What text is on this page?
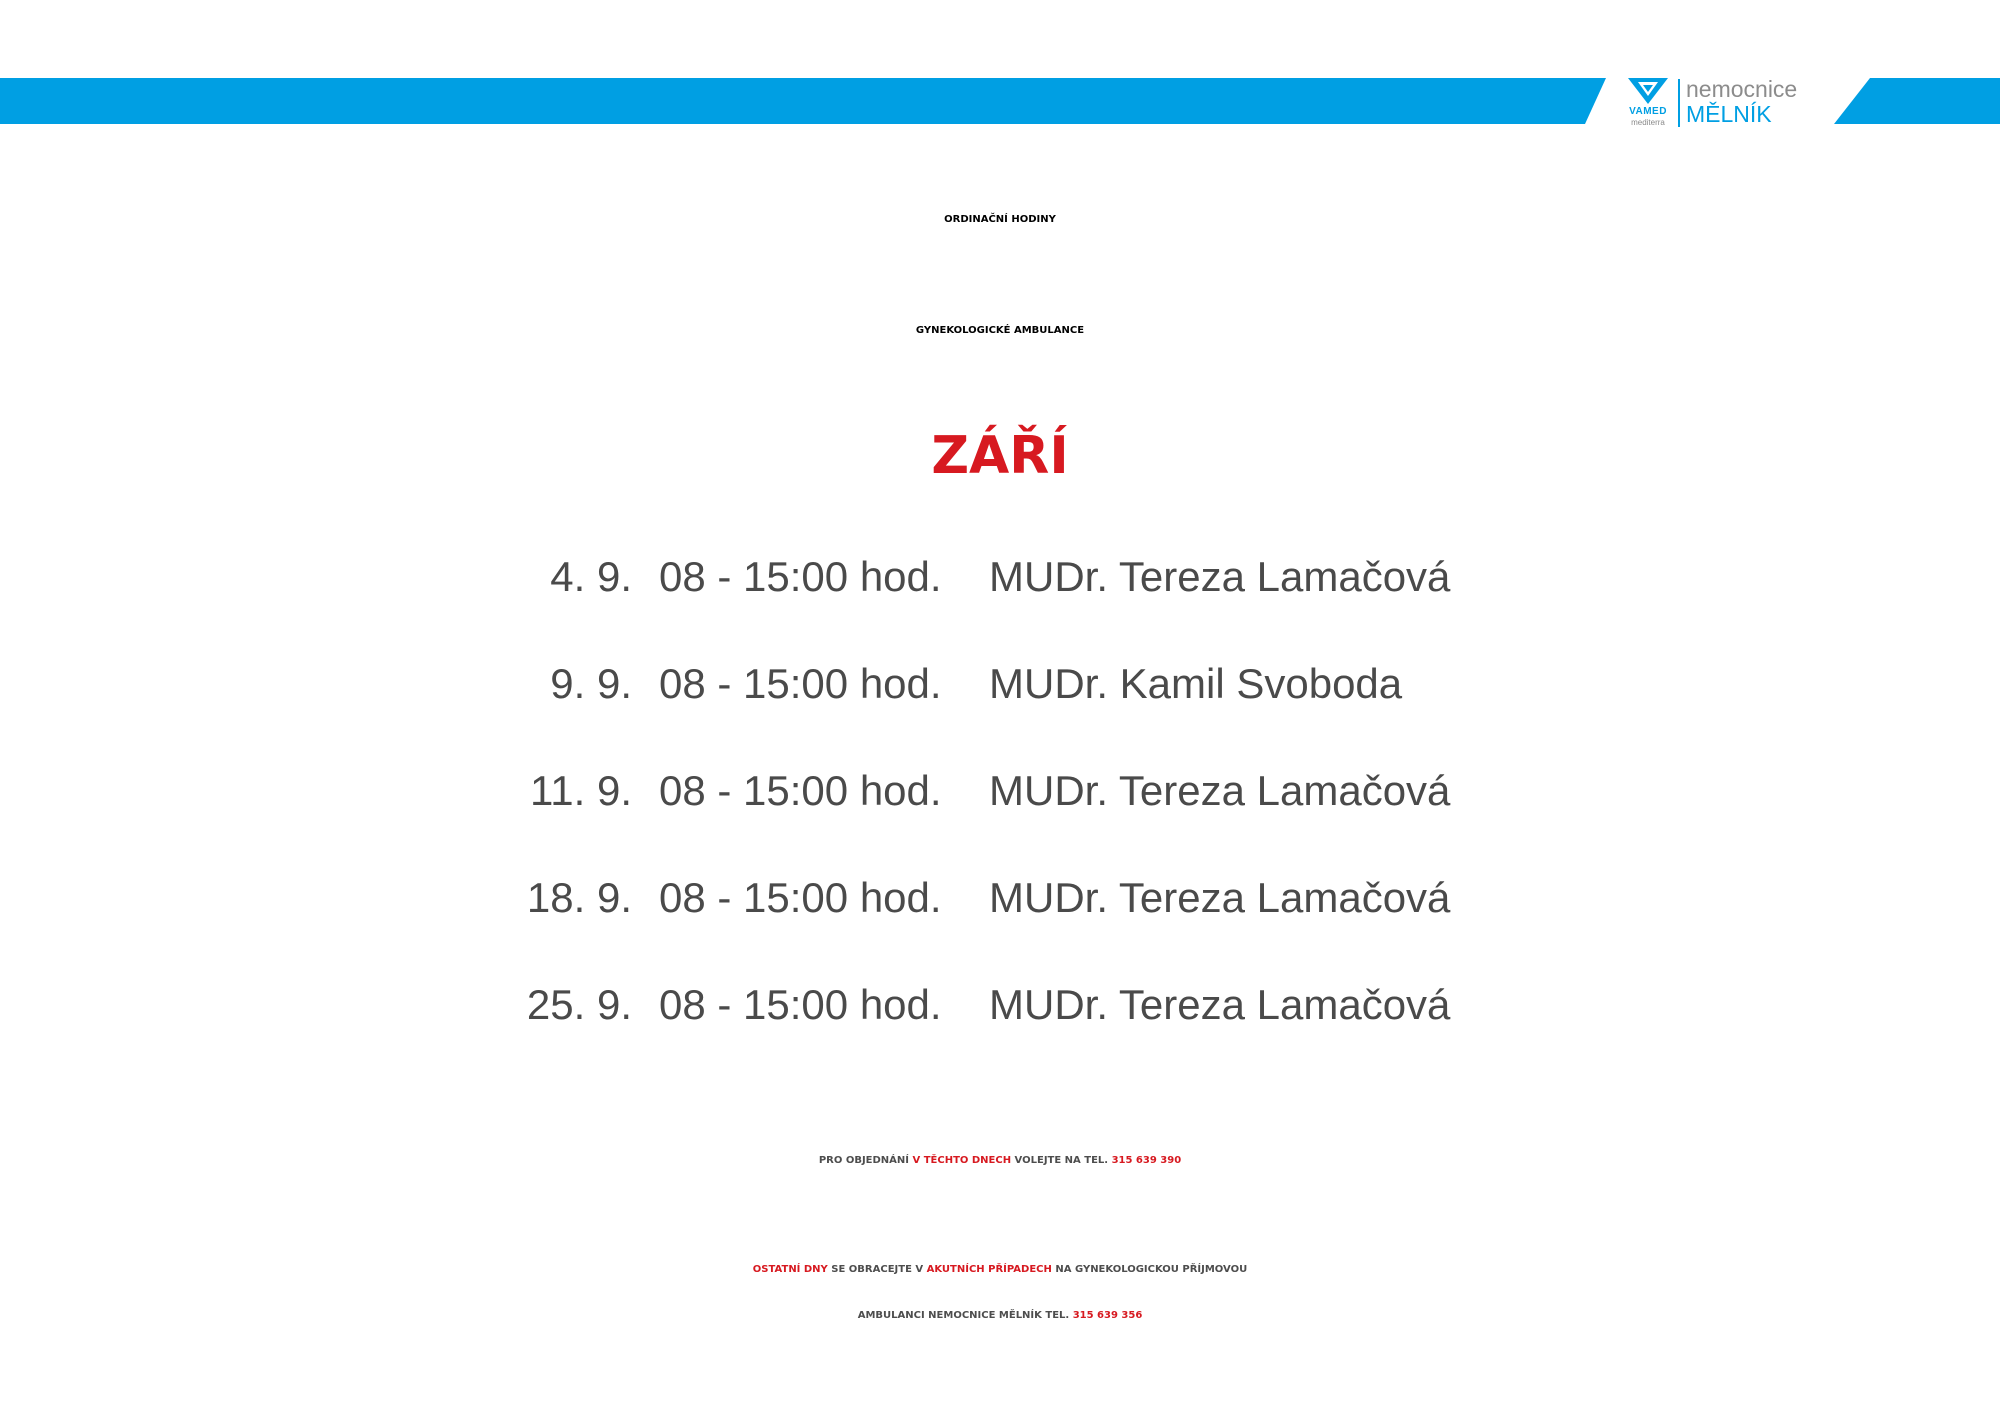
VAMED
mediterra
nemocnice
MĚLNÍK
ORDINAČNÍ HODINY
GYNEKOLOGICKÉ AMBULANCE
ZÁŘÍ
4. 9. 08 - 15:00 hod. MUDr. Tereza Lamačová
9. 9. 08 - 15:00 hod. MUDr. Kamil Svoboda
11. 9. 08 - 15:00 hod. MUDr. Tereza Lamačová
18. 9. 08 - 15:00 hod. MUDr. Tereza Lamačová
25. 9. 08 - 15:00 hod. MUDr. Tereza Lamačová
PRO OBJEDNÁNÍ V TĚCHTO DNECH VOLEJTE NA TEL. 315 639 390
OSTATNÍ DNY SE OBRACEJTE V AKUTNÍCH PŘÍPADECH NA GYNEKOLOGICKOU PŘÍJMOVOU
AMBULANCI NEMOCNICE MĚLNÍK TEL. 315 639 356
